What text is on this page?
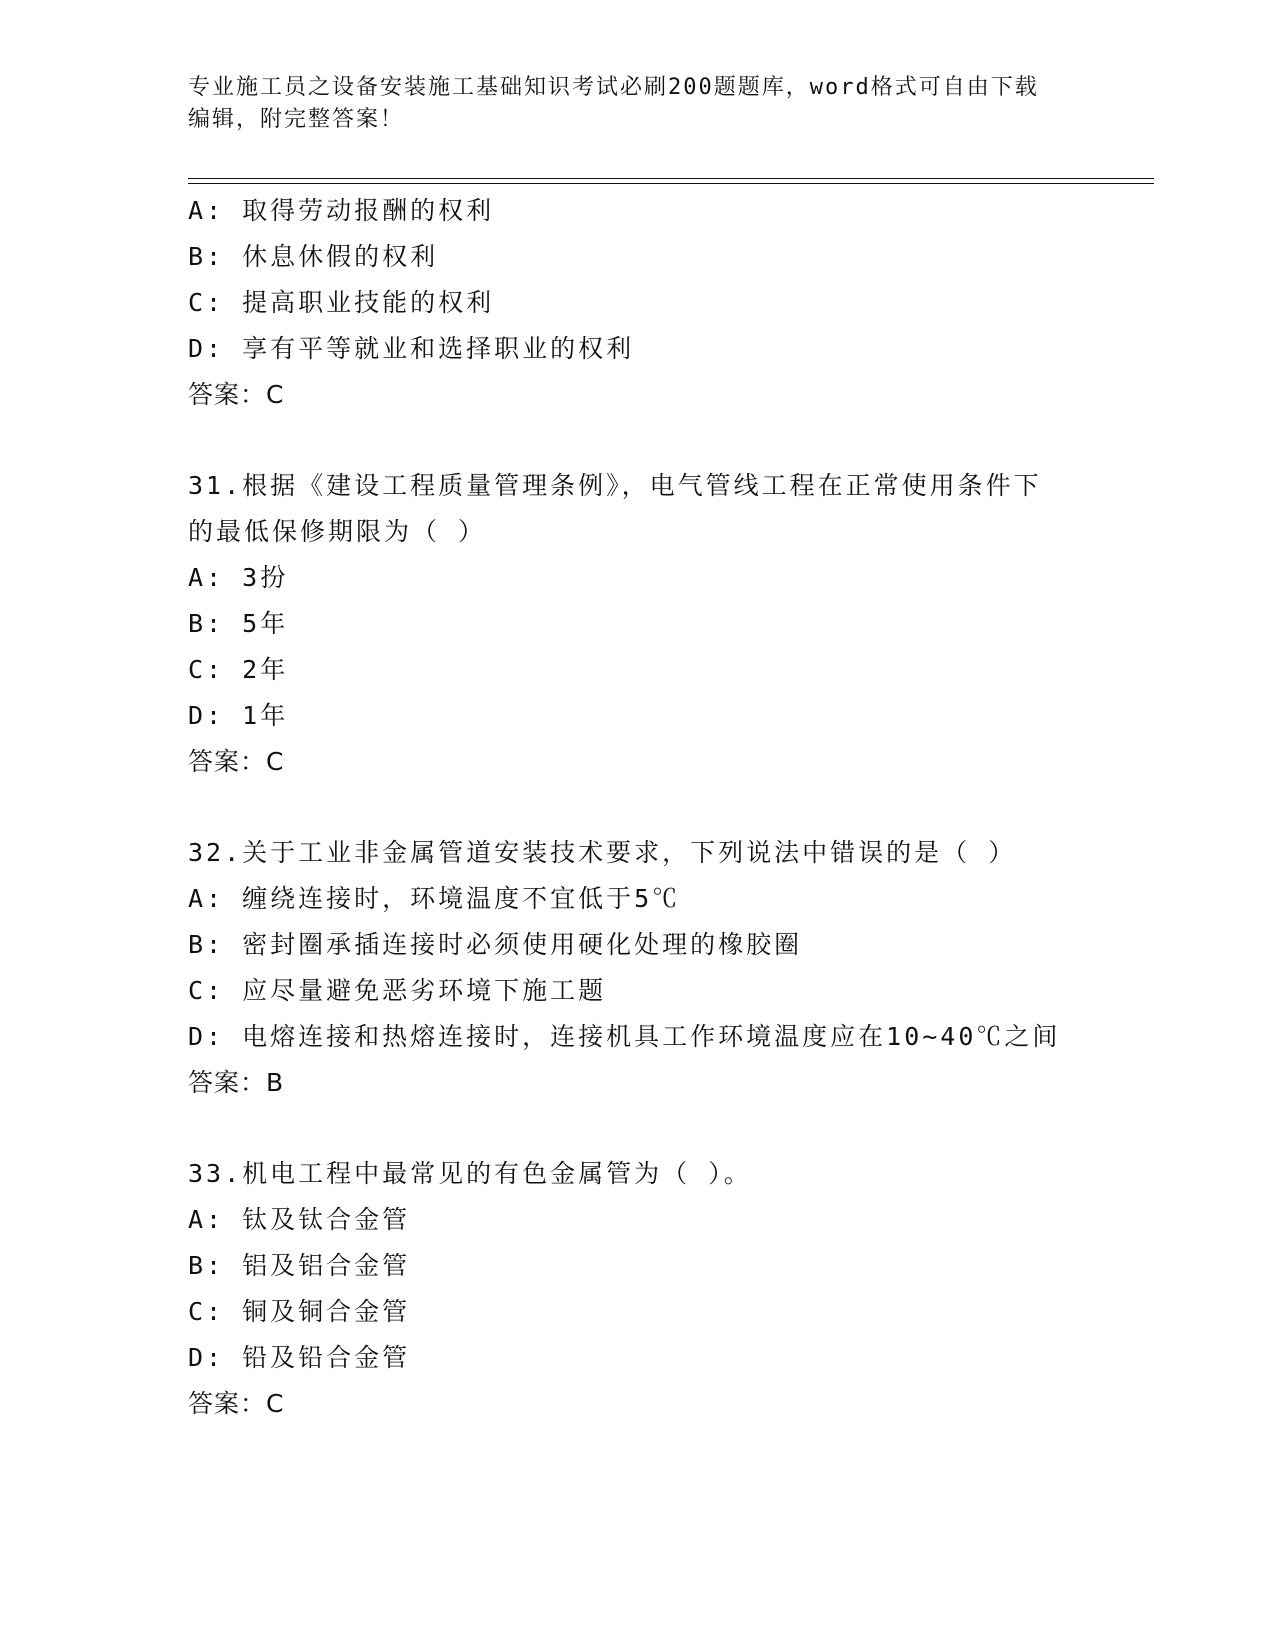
专业施工员之设备安装施工基础知识考试必刷200题题库，word格式可自由下载
编辑，附完整答案！
A: 取得劳动报酬的权利
B: 休息休假的权利
C: 提高职业技能的权利
D: 享有平等就业和选择职业的权利
答案：C
31.根据《建设工程质量管理条例》，电气管线工程在正常使用条件下
的最低保修期限为（ ）
A: 3扮
B: 5年
C: 2年
D: 1年
答案：C
32.关于工业非金属管道安装技术要求，下列说法中错误的是（ ）
A: 缠绕连接时，环境温度不宜低于5℃
B: 密封圈承插连接时必须使用硬化处理的橡胶圈
C: 应尽量避免恶劣环境下施工题
D: 电熔连接和热熔连接时，连接机具工作环境温度应在10~40℃之间
答案：B
33.机电工程中最常见的有色金属管为（ ）。
A: 钛及钛合金管
B: 铝及铝合金管
C: 铜及铜合金管
D: 铅及铅合金管
答案：C
